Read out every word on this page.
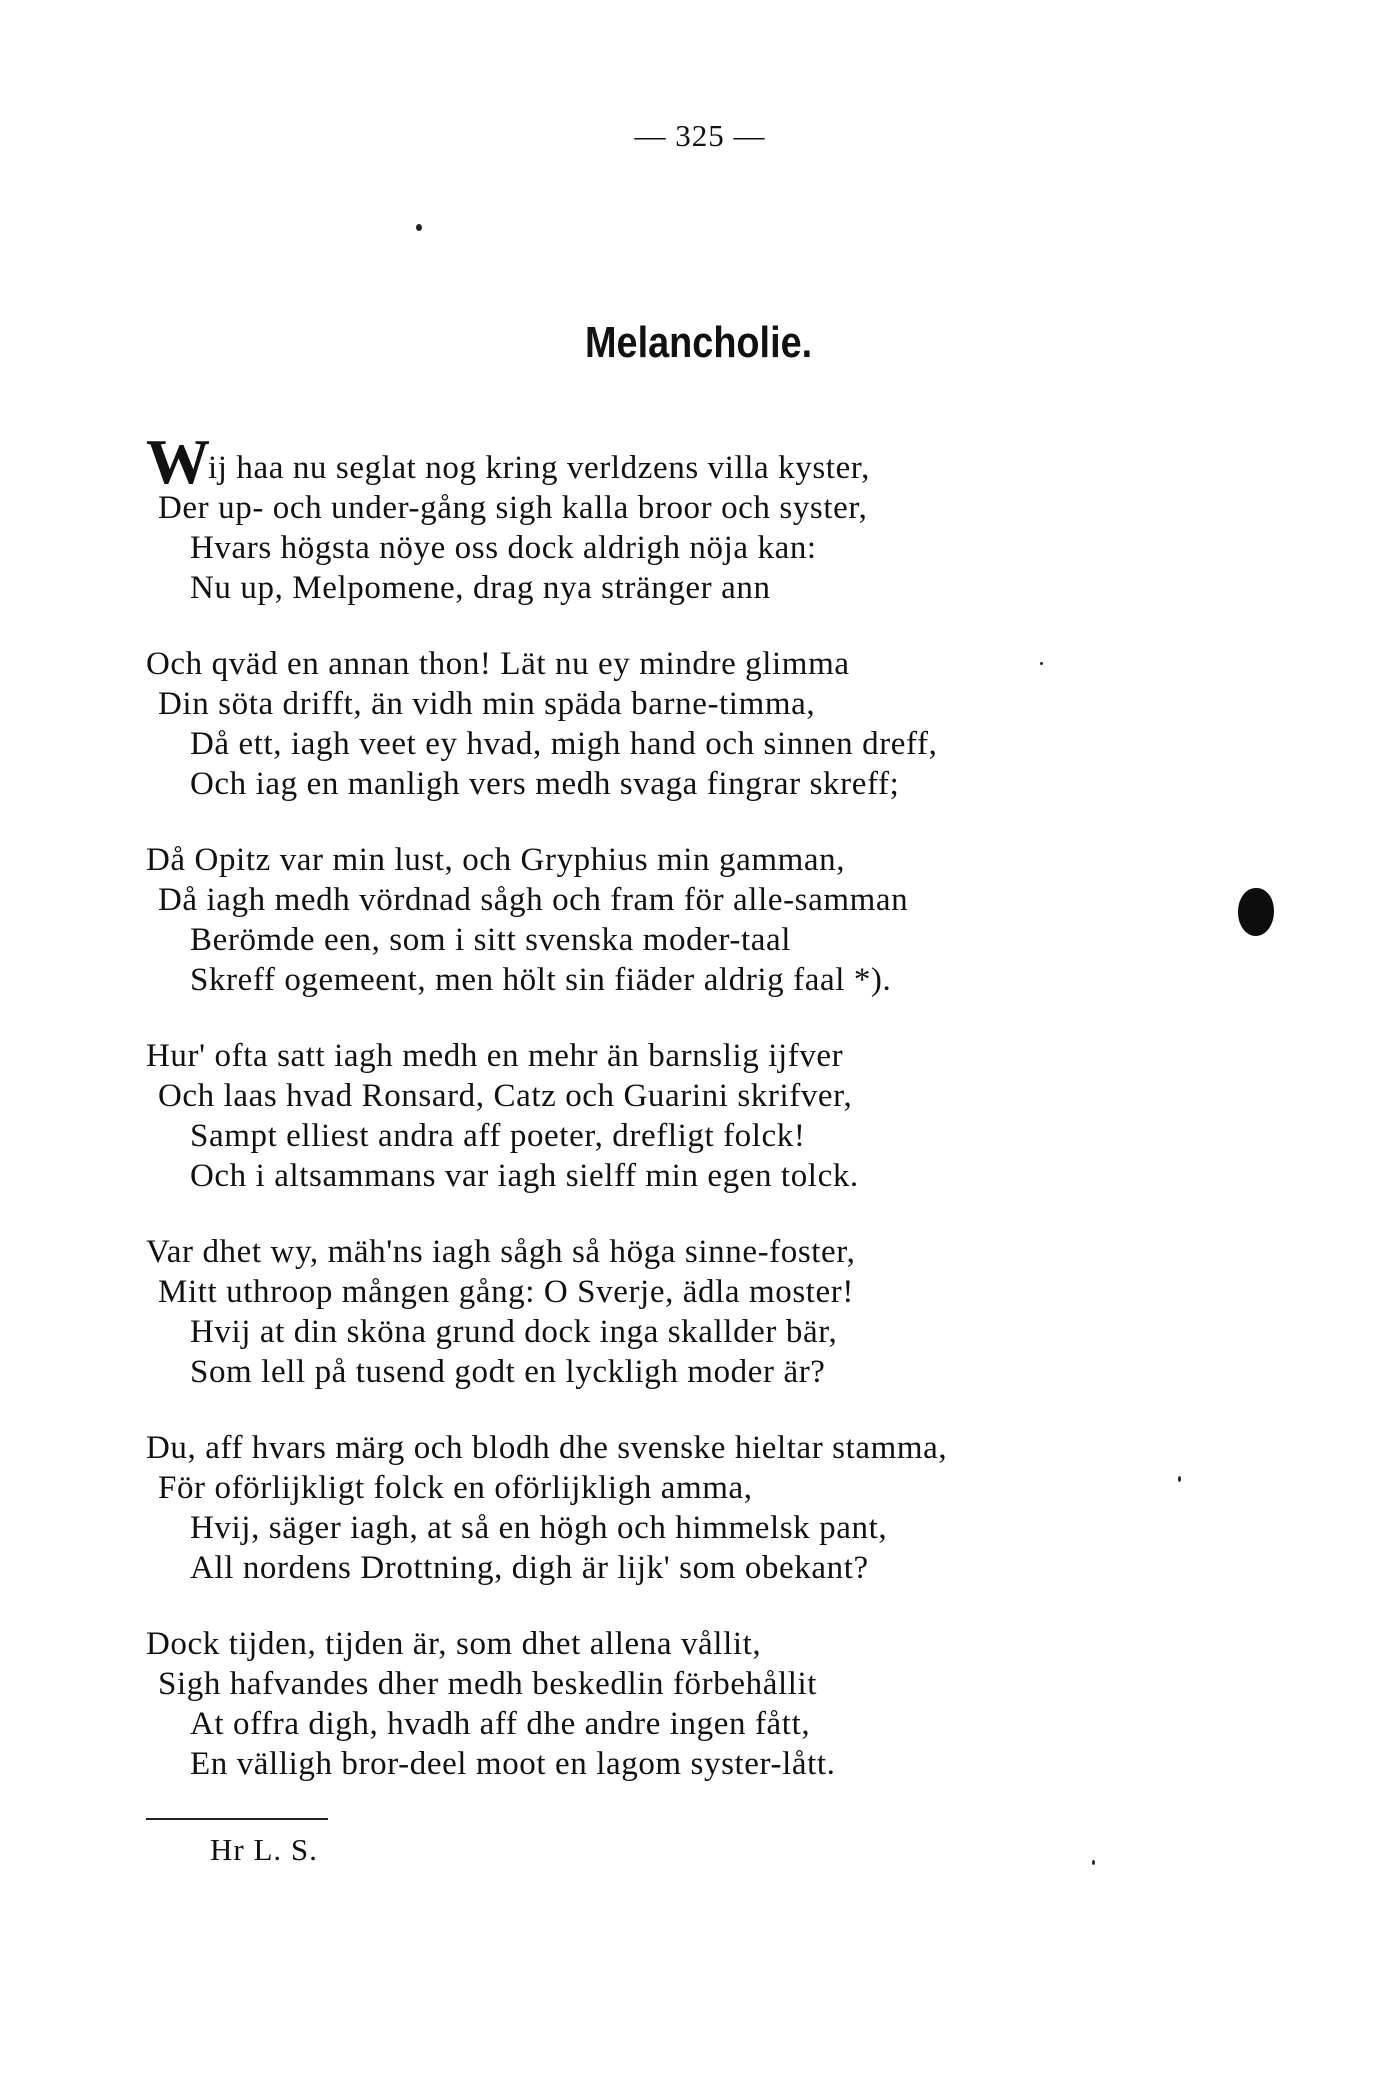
— 325 —
Melancholie.
W
ij haa nu seglat nog kring verldzens villa kyster,
Der up- och under-gång sigh kalla broor och syster,
Hvars högsta nöye oss dock aldrigh nöja kan:
Nu up, Melpomene, drag nya stränger ann
Och qväd en annan thon! Lät nu ey mindre glimma
Din söta drifft, än vidh min späda barne-timma,
Då ett, iagh veet ey hvad, migh hand och sinnen dreff,
Och iag en manligh vers medh svaga fingrar skreff;
Då Opitz var min lust, och Gryphius min gamman,
Då iagh medh vördnad sågh och fram för alle-samman
Berömde een, som i sitt svenska moder-taal
Skreff ogemeent, men hölt sin fiäder aldrig faal *).
Hur' ofta satt iagh medh en mehr än barnslig ijfver
Och laas hvad Ronsard, Catz och Guarini skrifver,
Sampt elliest andra aff poeter, drefligt folck!
Och i altsammans var iagh sielff min egen tolck.
Var dhet wy, mäh'ns iagh sågh så höga sinne-foster,
Mitt uthroop mången gång: O Sverje, ädla moster!
Hvij at din sköna grund dock inga skallder bär,
Som lell på tusend godt en lyckligh moder är?
Du, aff hvars märg och blodh dhe svenske hieltar stamma,
För oförlijkligt folck en oförlijkligh amma,
Hvij, säger iagh, at så en högh och himmelsk pant,
All nordens Drottning, digh är lijk' som obekant?
Dock tijden, tijden är, som dhet allena vållit,
Sigh hafvandes dher medh beskedlin förbehållit
At offra digh, hvadh aff dhe andre ingen fått,
En välligh bror-deel moot en lagom syster-lått.
Hr L. S.
